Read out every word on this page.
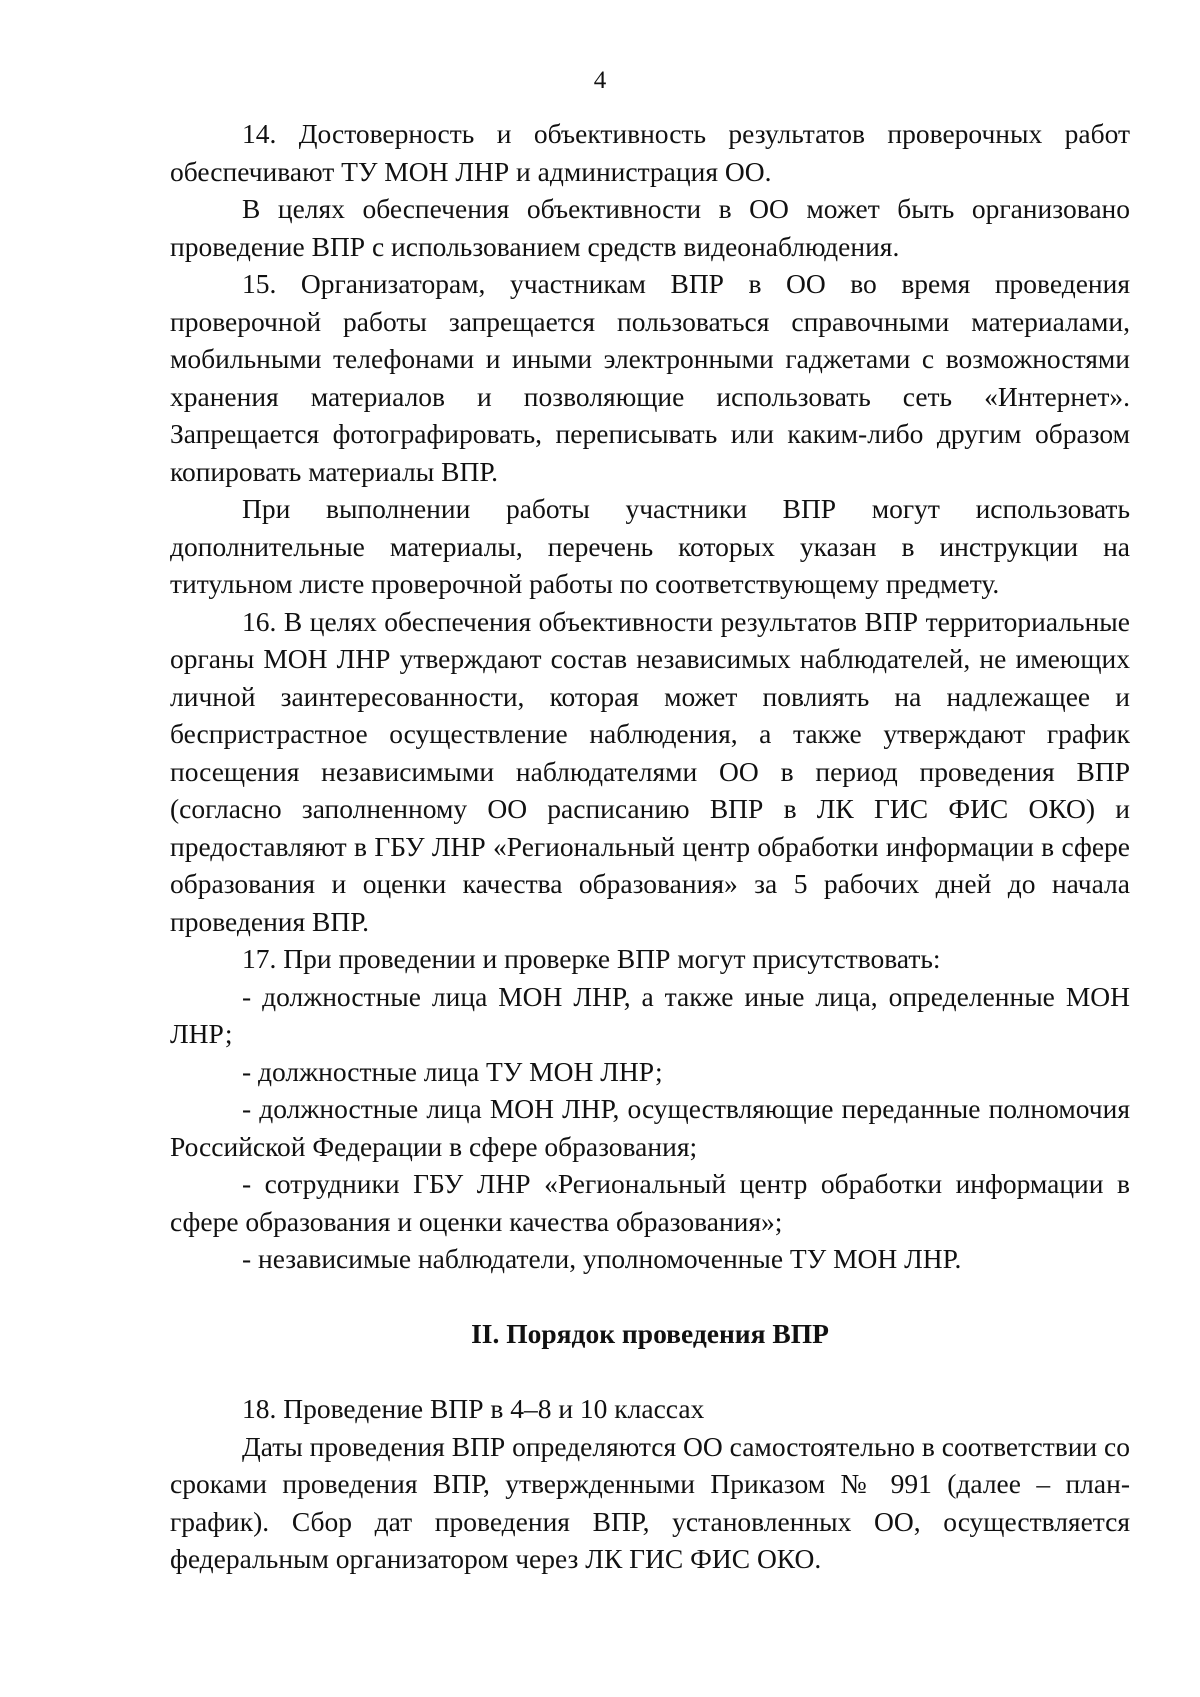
4

14. Достоверность и объективность результатов проверочных работ обеспечивают ТУ МОН ЛНР и администрация ОО.

В целях обеспечения объективности в ОО может быть организовано проведение ВПР с использованием средств видеонаблюдения.

15. Организаторам, участникам ВПР в ОО во время проведения проверочной работы запрещается пользоваться справочными материалами, мобильными телефонами и иными электронными гаджетами с возможностями хранения материалов и позволяющие использовать сеть «Интернет». Запрещается фотографировать, переписывать или каким-либо другим образом копировать материалы ВПР.

При выполнении работы участники ВПР могут использовать дополнительные материалы, перечень которых указан в инструкции на титульном листе проверочной работы по соответствующему предмету.

16. В целях обеспечения объективности результатов ВПР территориальные органы МОН ЛНР утверждают состав независимых наблюдателей, не имеющих личной заинтересованности, которая может повлиять на надлежащее и беспристрастное осуществление наблюдения, а также утверждают график посещения независимыми наблюдателями ОО в период проведения ВПР (согласно заполненному ОО расписанию ВПР в ЛК ГИС ФИС ОКО) и предоставляют в ГБУ ЛНР «Региональный центр обработки информации в сфере образования и оценки качества образования» за 5 рабочих дней до начала проведения ВПР.

17. При проведении и проверке ВПР могут присутствовать:

- должностные лица МОН ЛНР, а также иные лица, определенные МОН ЛНР;

- должностные лица ТУ МОН ЛНР;

- должностные лица МОН ЛНР, осуществляющие переданные полномочия Российской Федерации в сфере образования;

- сотрудники ГБУ ЛНР «Региональный центр обработки информации в сфере образования и оценки качества образования»;

- независимые наблюдатели, уполномоченные ТУ МОН ЛНР.

II. Порядок проведения ВПР

18. Проведение ВПР в 4–8 и 10 классах

Даты проведения ВПР определяются ОО самостоятельно в соответствии со сроками проведения ВПР, утвержденными Приказом № 991 (далее – план-график). Сбор дат проведения ВПР, установленных ОО, осуществляется федеральным организатором через ЛК ГИС ФИС ОКО.
